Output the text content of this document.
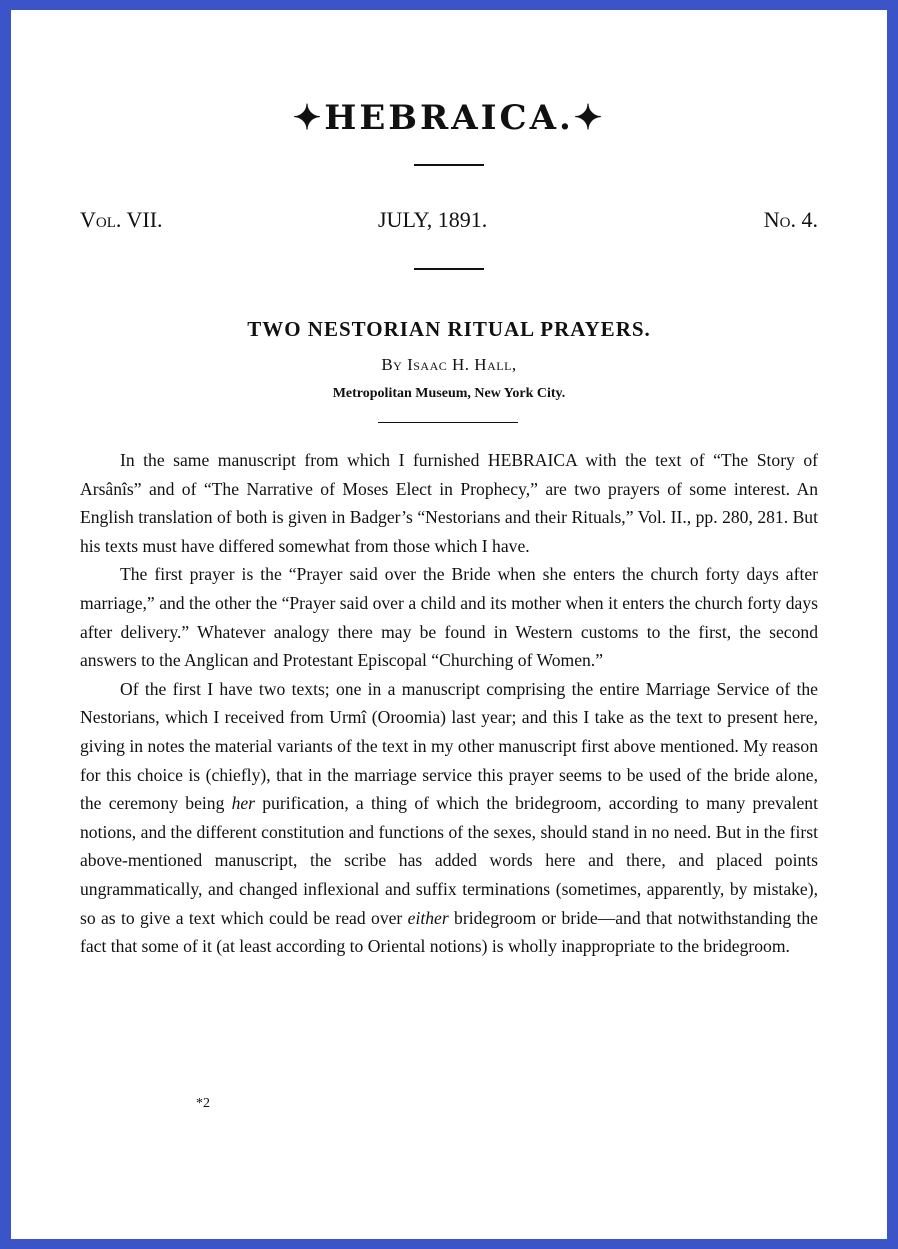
✦HEBRAICA.✦
Vol. VII.	JULY, 1891.	No. 4.
TWO NESTORIAN RITUAL PRAYERS.
By Isaac H. Hall,
Metropolitan Museum, New York City.

In the same manuscript from which I furnished HEBRAICA with the text of “The Story of Arsânîs” and of “The Narrative of Moses Elect in Prophecy,” are two prayers of some interest. An English translation of both is given in Badger’s “Nestorians and their Rituals,” Vol. II., pp. 280, 281. But his texts must have differed somewhat from those which I have.

The first prayer is the “Prayer said over the Bride when she enters the church forty days after marriage,” and the other the “Prayer said over a child and its mother when it enters the church forty days after delivery.” Whatever analogy there may be found in Western customs to the first, the second answers to the Anglican and Protestant Episcopal “Churching of Women.”

Of the first I have two texts; one in a manuscript comprising the entire Marriage Service of the Nestorians, which I received from Urmî (Oroomia) last year; and this I take as the text to present here, giving in notes the material variants of the text in my other manuscript first above mentioned. My reason for this choice is (chiefly), that in the marriage service this prayer seems to be used of the bride alone, the ceremony being her purification, a thing of which the bridegroom, according to many prevalent notions, and the different constitution and functions of the sexes, should stand in no need. But in the first above-mentioned manuscript, the scribe has added words here and there, and placed points ungrammatically, and changed inflexional and suffix terminations (sometimes, apparently, by mistake), so as to give a text which could be read over either bridegroom or bride—and that notwithstanding the fact that some of it (at least according to Oriental notions) is wholly inappropriate to the bridegroom.

*2
